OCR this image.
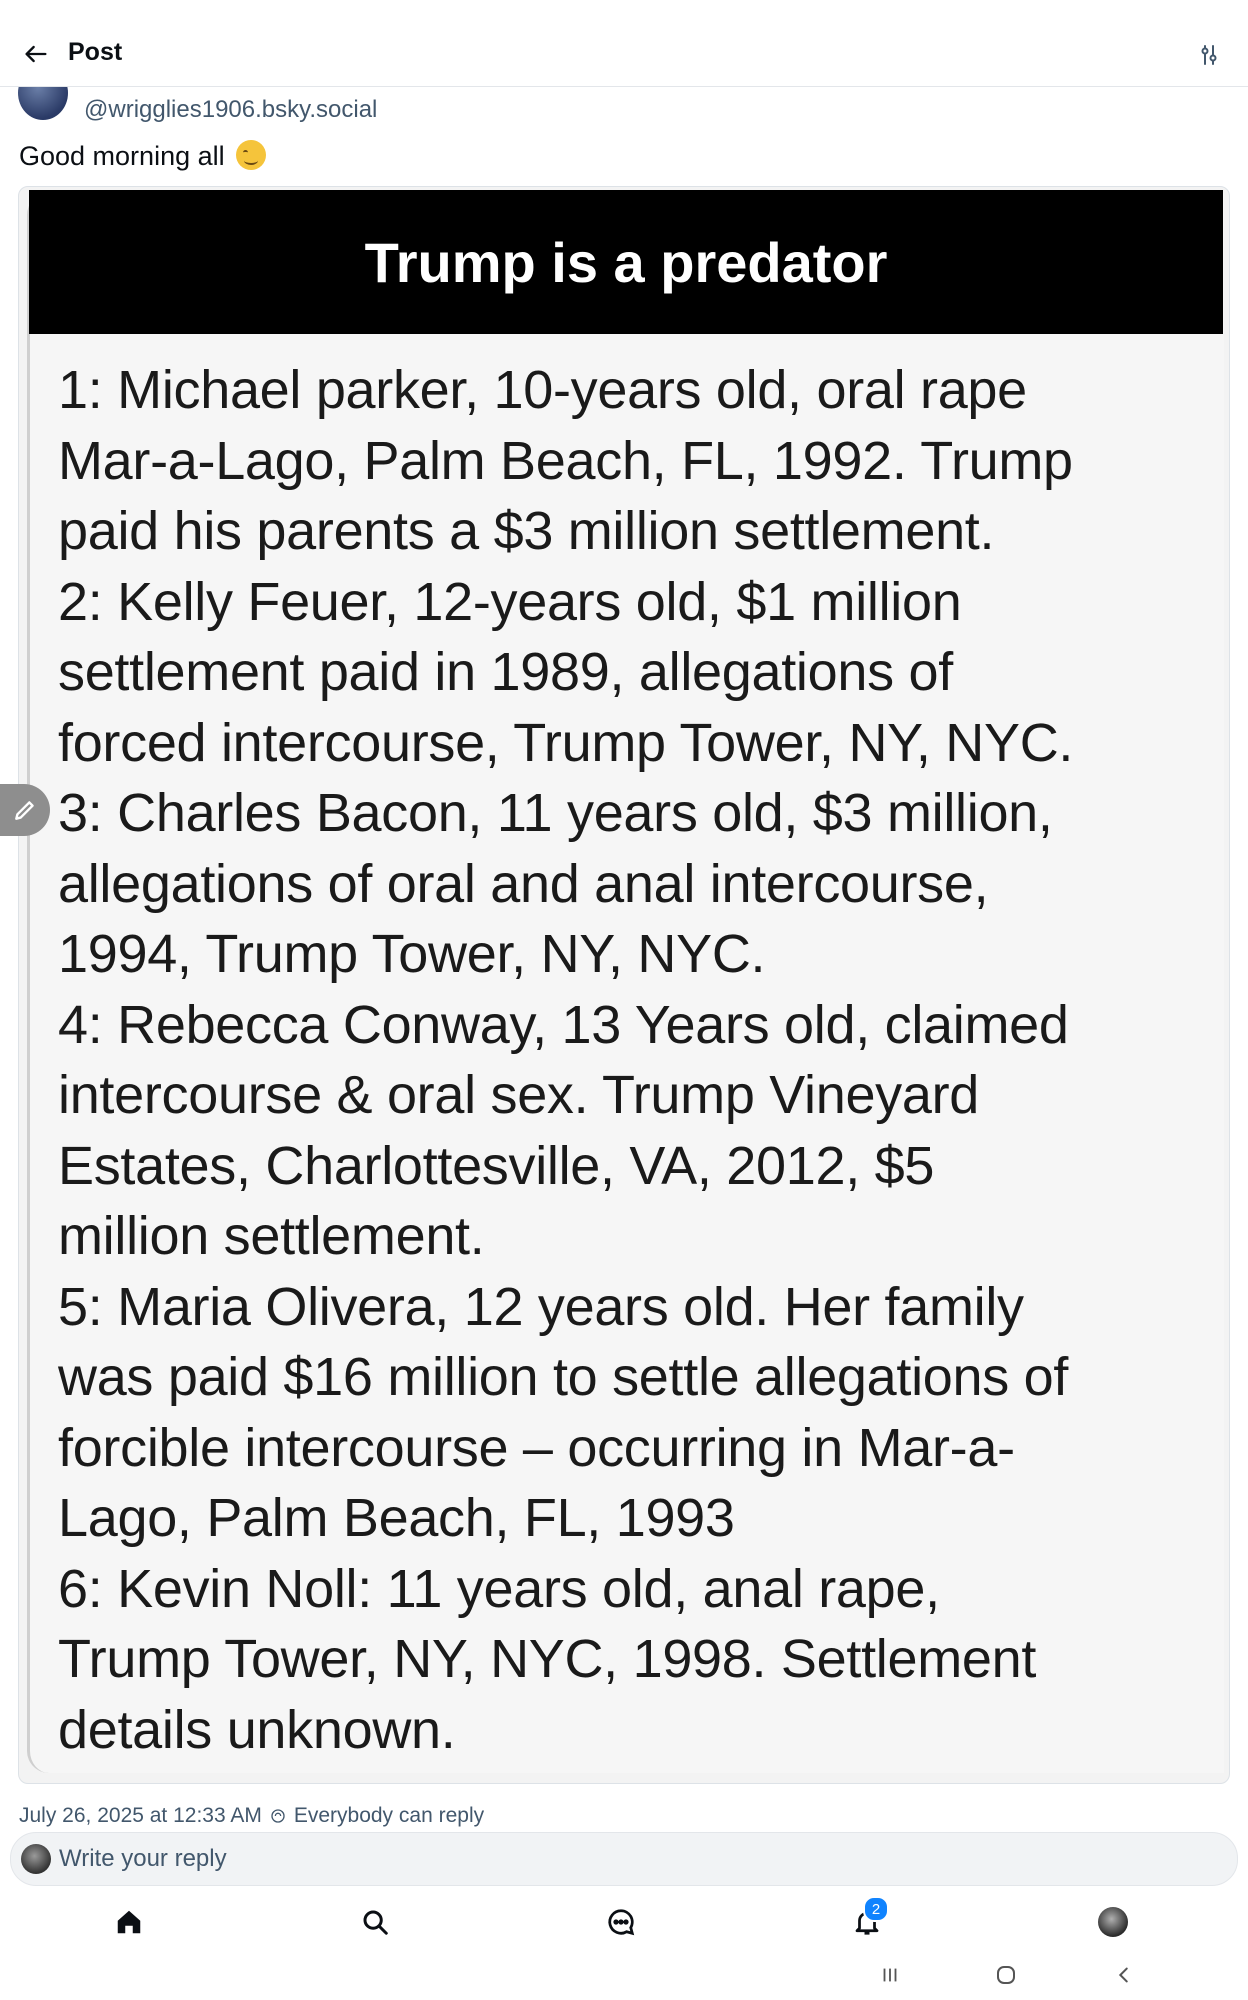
Post
@wrigglies1906.bsky.social
Good morning all
Trump is a predator
1: Michael parker, 10-years old, oral rape
Mar-a-Lago, Palm Beach, FL, 1992. Trump
paid his parents a $3 million settlement.
2: Kelly Feuer, 12-years old, $1 million
settlement paid in 1989, allegations of
forced intercourse, Trump Tower, NY, NYC.
3: Charles Bacon, 11 years old, $3 million,
allegations of oral and anal intercourse,
1994, Trump Tower, NY, NYC.
4: Rebecca Conway, 13 Years old, claimed
intercourse & oral sex. Trump Vineyard
Estates, Charlottesville, VA, 2012, $5
million settlement.
5: Maria Olivera, 12 years old. Her family
was paid $16 million to settle allegations of
forcible intercourse – occurring in Mar-a-
Lago, Palm Beach, FL, 1993
6: Kevin Noll: 11 years old, anal rape,
Trump Tower, NY, NYC, 1998. Settlement
details unknown.
July 26, 2025 at 12:33 AM Everybody can reply
Write your reply
2
